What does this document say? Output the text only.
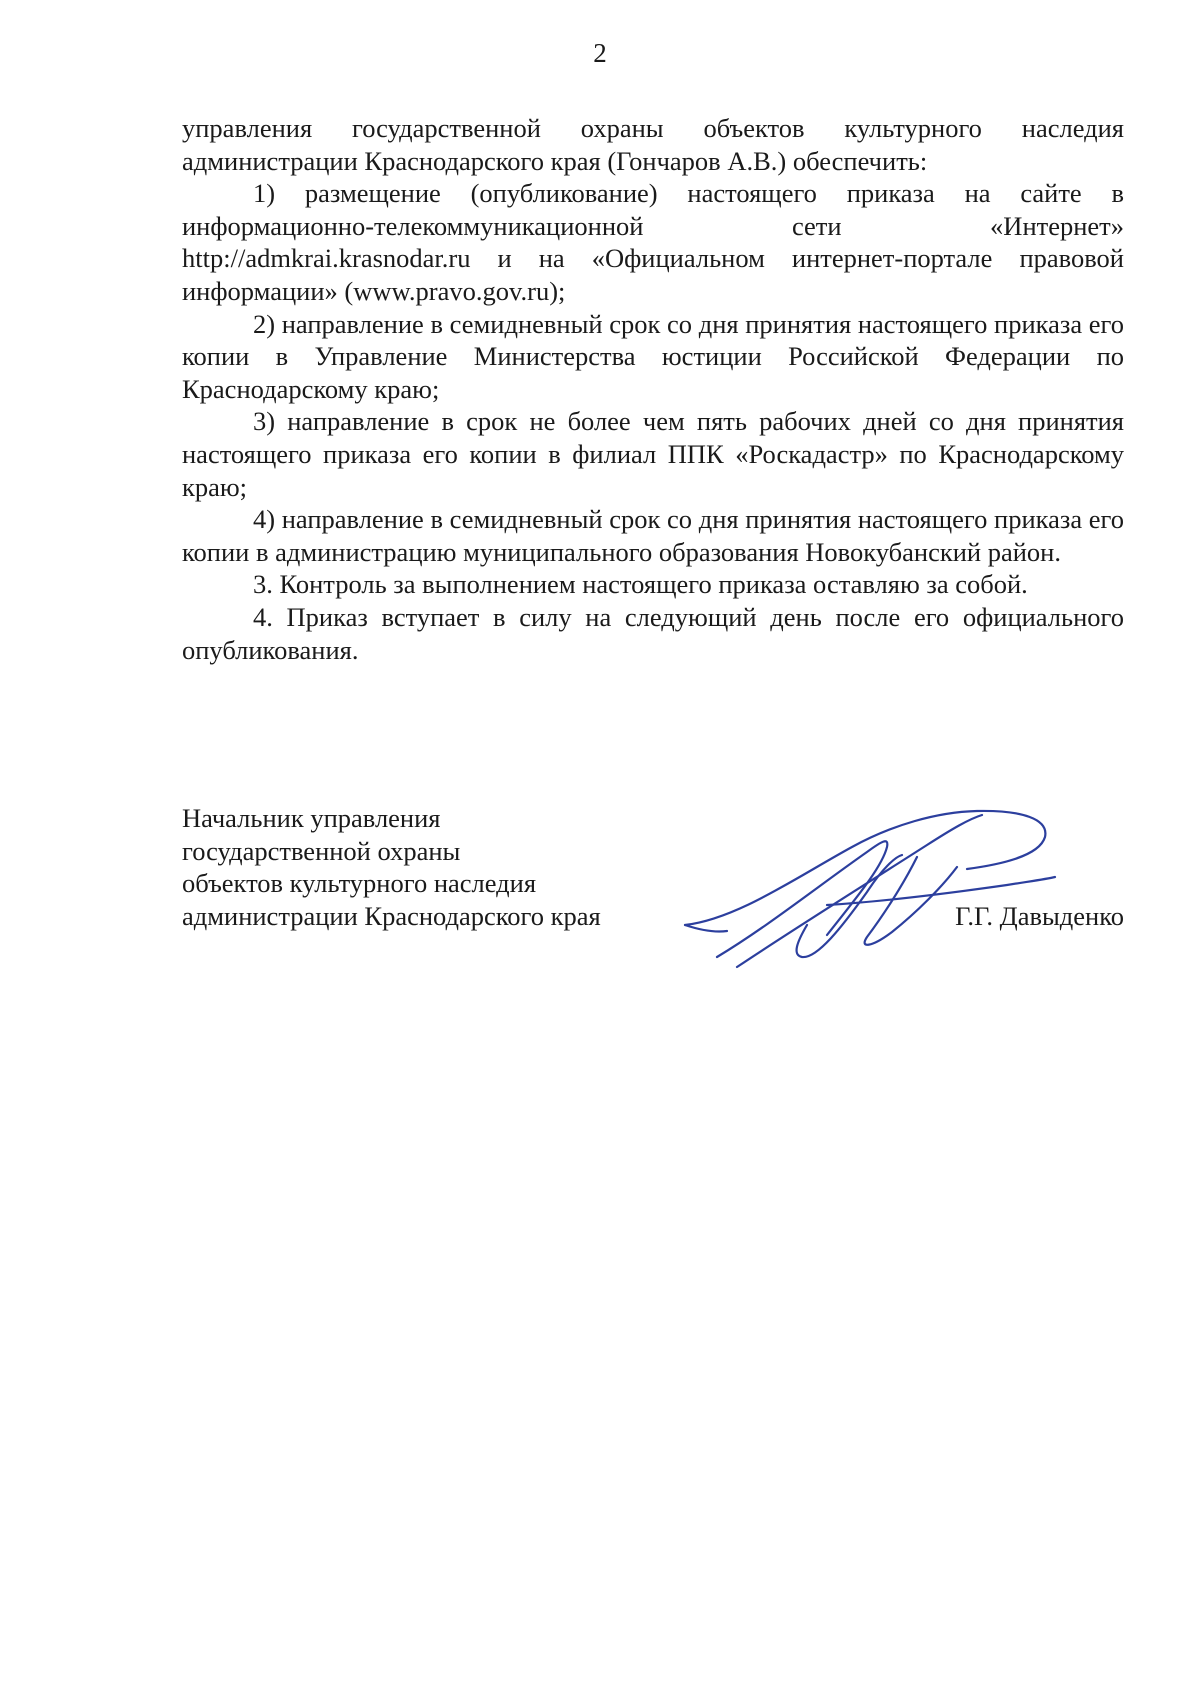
2

управления государственной охраны объектов культурного наследия администрации Краснодарского края (Гончаров А.В.) обеспечить:

1) размещение (опубликование) настоящего приказа на сайте в информационно-телекоммуникационной сети «Интернет» http://admkrai.krasnodar.ru и на «Официальном интернет-портале правовой информации» (www.pravo.gov.ru);

2) направление в семидневный срок со дня принятия настоящего приказа его копии в Управление Министерства юстиции Российской Федерации по Краснодарскому краю;

3) направление в срок не более чем пять рабочих дней со дня принятия настоящего приказа его копии в филиал ППК «Роскадастр» по Краснодарскому краю;

4) направление в семидневный срок со дня принятия настоящего приказа его копии в администрацию муниципального образования Новокубанский район.

3. Контроль за выполнением настоящего приказа оставляю за собой.

4. Приказ вступает в силу на следующий день после его официального опубликования.

Начальник управления
государственной охраны
объектов культурного наследия
администрации Краснодарского края	Г.Г. Давыденко
